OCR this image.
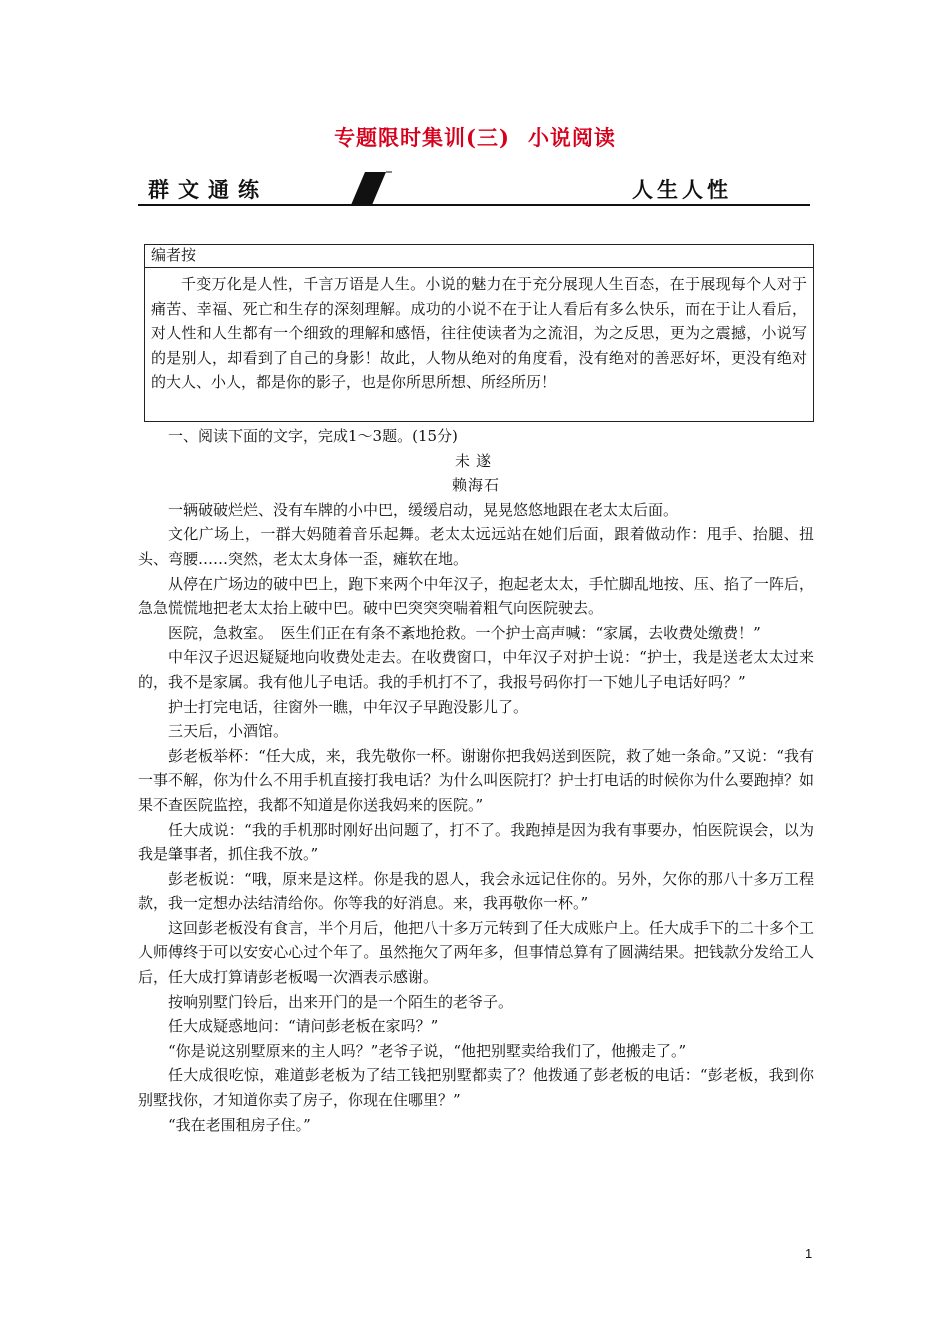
专题限时集训(三) 小说阅读
群文通练	人生人性
编者按
千变万化是人性，千言万语是人生。小说的魅力在于充分展现人生百态，在于展现每个人对于痛苦、幸福、死亡和生存的深刻理解。成功的小说不在于让人看后有多么快乐，而在于让人看后，对人性和人生都有一个细致的理解和感悟，往往使读者为之流泪，为之反思，更为之震撼，小说写的是别人，却看到了自己的身影！故此，人物从绝对的角度看，没有绝对的善恶好坏，更没有绝对的大人、小人，都是你的影子，也是你所思所想、所经所历！

一、阅读下面的文字，完成1～3题。(15分)

未遂

赖海石

一辆破破烂烂、没有车牌的小中巴，缓缓启动，晃晃悠悠地跟在老太太后面。

文化广场上，一群大妈随着音乐起舞。老太太远远站在她们后面，跟着做动作：甩手、抬腿、扭头、弯腰……突然，老太太身体一歪，瘫软在地。

从停在广场边的破中巴上，跑下来两个中年汉子，抱起老太太，手忙脚乱地按、压、掐了一阵后，急急慌慌地把老太太抬上破中巴。破中巴突突突喘着粗气向医院驶去。

医院，急救室。　医生们正在有条不紊地抢救。一个护士高声喊：“家属，去收费处缴费！”

中年汉子迟迟疑疑地向收费处走去。在收费窗口，中年汉子对护士说：“护士，我是送老太太过来的，我不是家属。我有他儿子电话。我的手机打不了，我报号码你打一下她儿子电话好吗？”

护士打完电话，往窗外一瞧，中年汉子早跑没影儿了。

三天后，小酒馆。

彭老板举杯：“任大成，来，我先敬你一杯。谢谢你把我妈送到医院，救了她一条命。”又说：“我有一事不解，你为什么不用手机直接打我电话？为什么叫医院打？护士打电话的时候你为什么要跑掉？如果不查医院监控，我都不知道是你送我妈来的医院。”

任大成说：“我的手机那时刚好出问题了，打不了。我跑掉是因为我有事要办，怕医院误会，以为我是肇事者，抓住我不放。”

彭老板说：“哦，原来是这样。你是我的恩人，我会永远记住你的。另外，欠你的那八十多万工程款，我一定想办法结清给你。你等我的好消息。来，我再敬你一杯。”

这回彭老板没有食言，半个月后，他把八十多万元转到了任大成账户上。任大成手下的二十多个工人师傅终于可以安安心心过个年了。虽然拖欠了两年多，但事情总算有了圆满结果。把钱款分发给工人后，任大成打算请彭老板喝一次酒表示感谢。

按响别墅门铃后，出来开门的是一个陌生的老爷子。

任大成疑惑地问：“请问彭老板在家吗？”

“你是说这别墅原来的主人吗？”老爷子说，“他把别墅卖给我们了，他搬走了。”

任大成很吃惊，难道彭老板为了结工钱把别墅都卖了？他拨通了彭老板的电话：“彭老板，我到你别墅找你，才知道你卖了房子，你现在住哪里？”

“我在老围租房子住。”

1
